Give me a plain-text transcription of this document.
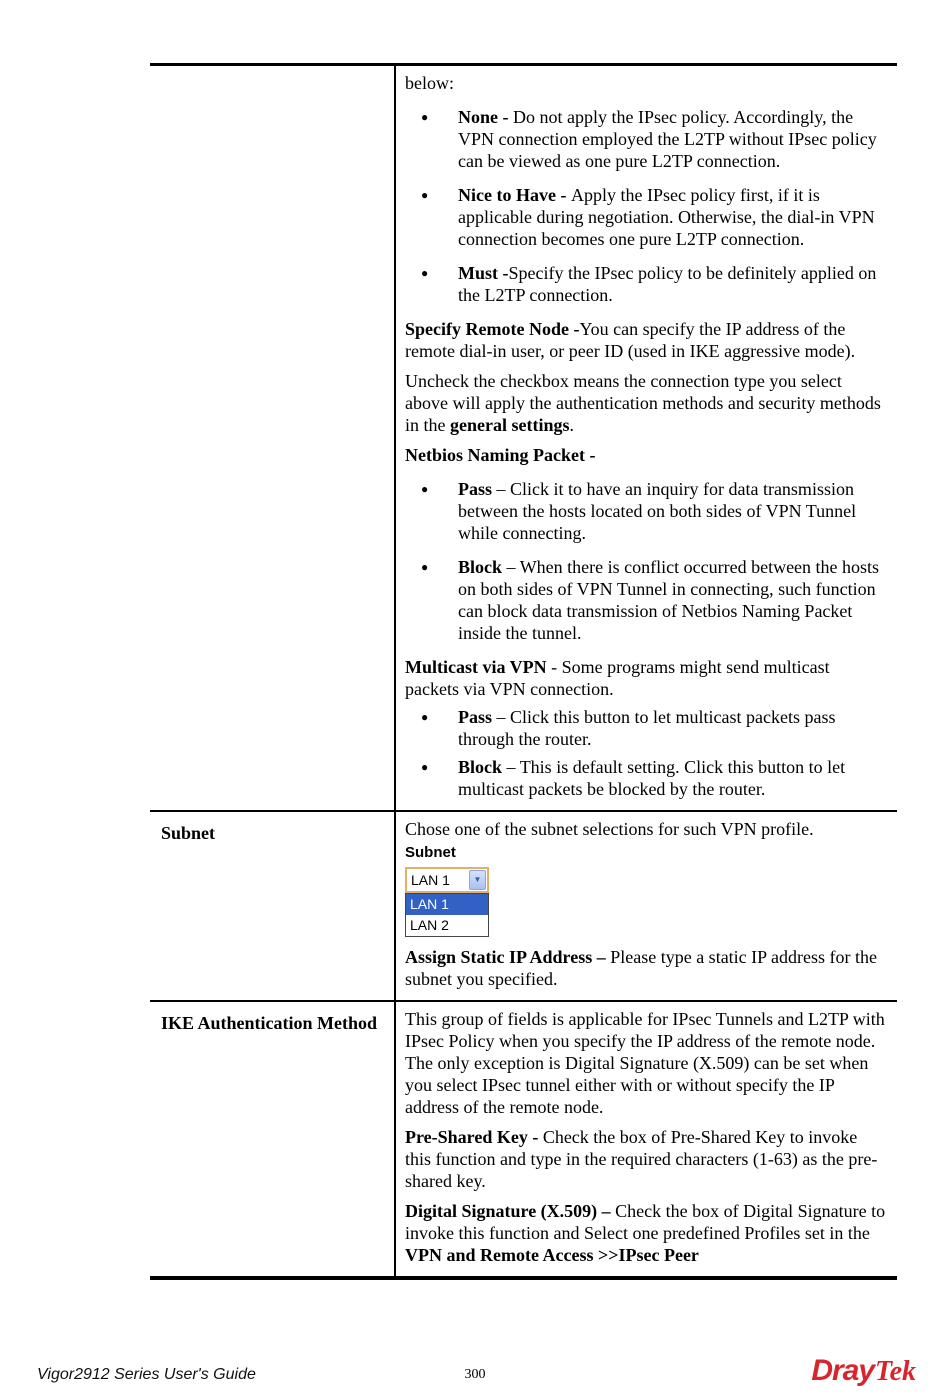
below:
●	None - Do not apply the IPsec policy. Accordingly, the VPN connection employed the L2TP without IPsec policy can be viewed as one pure L2TP connection.
●	Nice to Have - Apply the IPsec policy first, if it is applicable during negotiation. Otherwise, the dial-in VPN connection becomes one pure L2TP connection.
●	Must -Specify the IPsec policy to be definitely applied on the L2TP connection.
Specify Remote Node -You can specify the IP address of the remote dial-in user, or peer ID (used in IKE aggressive mode).
Uncheck the checkbox means the connection type you select above will apply the authentication methods and security methods in the general settings.
Netbios Naming Packet -
●	Pass – Click it to have an inquiry for data transmission between the hosts located on both sides of VPN Tunnel while connecting.
●	Block – When there is conflict occurred between the hosts on both sides of VPN Tunnel in connecting, such function can block data transmission of Netbios Naming Packet inside the tunnel.
Multicast via VPN - Some programs might send multicast packets via VPN connection.
●	Pass – Click this button to let multicast packets pass through the router.
●	Block – This is default setting. Click this button to let multicast packets be blocked by the router.
Subnet	Chose one of the subnet selections for such VPN profile.
Subnet
LAN 1	▼
LAN 1
LAN 2
Assign Static IP Address – Please type a static IP address for the subnet you specified.
IKE Authentication Method	This group of fields is applicable for IPsec Tunnels and L2TP with IPsec Policy when you specify the IP address of the remote node. The only exception is Digital Signature (X.509) can be set when you select IPsec tunnel either with or without specify the IP address of the remote node.
Pre-Shared Key - Check the box of Pre-Shared Key to invoke this function and type in the required characters (1-63) as the pre-shared key.
Digital Signature (X.509) – Check the box of Digital Signature to invoke this function and Select one predefined Profiles set in the VPN and Remote Access >>IPsec Peer
Vigor2912 Series User's Guide	300	DrayTek
